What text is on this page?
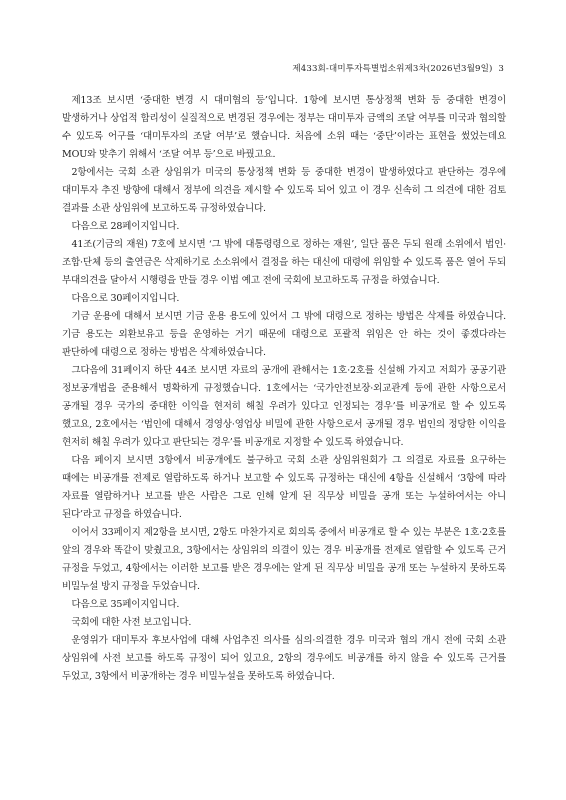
제433회-대미투자특별법소위제3차(2026년3월9일) 3

제13조 보시면 ‘중대한 변경 시 대미협의 등’입니다. 1항에 보시면 통상정책 변화 등 중대한 변경이 발생하거나 상업적 합리성이 실질적으로 변경된 경우에는 정부는 대미투자 금액의 조달 여부를 미국과 협의할 수 있도록 어구를 ‘대미투자의 조달 여부’로 했습니다. 처음에 소위 때는 ‘중단’이라는 표현을 썼었는데요 MOU와 맞추기 위해서 ‘조달 여부 등’으로 바꿨고요.

2항에서는 국회 소관 상임위가 미국의 통상정책 변화 등 중대한 변경이 발생하였다고 판단하는 경우에 대미투자 추진 방향에 대해서 정부에 의견을 제시할 수 있도록 되어 있고 이 경우 신속히 그 의견에 대한 검토 결과를 소관 상임위에 보고하도록 규정하였습니다.

다음으로 28페이지입니다.

41조(기금의 재원) 7호에 보시면 ‘그 밖에 대통령령으로 정하는 재원’, 일단 품은 두되 원래 소위에서 법인·조합·단체 등의 출연금은 삭제하기로 소소위에서 결정을 하는 대신에 대령에 위임할 수 있도록 품은 열어 두되 부대의견을 달아서 시행령을 만들 경우 이법 예고 전에 국회에 보고하도록 규정을 하였습니다.

다음으로 30페이지입니다.

기금 운용에 대해서 보시면 기금 운용 용도에 있어서 그 밖에 대령으로 정하는 방법은 삭제를 하였습니다. 기금 용도는 외환보유고 등을 운영하는 거기 때문에 대령으로 포괄적 위임은 안 하는 것이 좋겠다라는 판단하에 대령으로 정하는 방법은 삭제하였습니다.

그다음에 31페이지 하단 44조 보시면 자료의 공개에 관해서는 1호·2호를 신설해 가지고 저희가 공공기관 정보공개법을 준용해서 명확하게 규정했습니다. 1호에서는 ‘국가안전보장·외교관계 등에 관한 사항으로서 공개될 경우 국가의 중대한 이익을 현저히 해칠 우려가 있다고 인정되는 경우’를 비공개로 할 수 있도록 했고요, 2호에서는 ‘법인에 대해서 경영상·영업상 비밀에 관한 사항으로서 공개될 경우 법인의 정당한 이익을 현저히 해칠 우려가 있다고 판단되는 경우’를 비공개로 지정할 수 있도록 하였습니다.

다음 페이지 보시면 3항에서 비공개에도 불구하고 국회 소관 상임위원회가 그 의결로 자료를 요구하는 때에는 비공개를 전제로 열람하도록 하거나 보고할 수 있도록 규정하는 대신에 4항을 신설해서 ‘3항에 따라 자료를 열람하거나 보고를 받은 사람은 그로 인해 알게 된 직무상 비밀을 공개 또는 누설하여서는 아니 된다’라고 규정을 하였습니다.

이어서 33페이지 제2항을 보시면, 2항도 마찬가지로 회의록 중에서 비공개로 할 수 있는 부분은 1호·2호를 앞의 경우와 똑같이 맞췄고요, 3항에서는 상임위의 의결이 있는 경우 비공개를 전제로 열람할 수 있도록 근거 규정을 두었고, 4항에서는 이러한 보고를 받은 경우에는 알게 된 직무상 비밀을 공개 또는 누설하지 못하도록 비밀누설 방지 규정을 두었습니다.

다음으로 35페이지입니다.

국회에 대한 사전 보고입니다.

운영위가 대미투자 후보사업에 대해 사업추진 의사를 심의·의결한 경우 미국과 협의 개시 전에 국회 소관 상임위에 사전 보고를 하도록 규정이 되어 있고요, 2항의 경우에도 비공개를 하지 않을 수 있도록 근거를 두었고, 3항에서 비공개하는 경우 비밀누설을 못하도록 하였습니다.
